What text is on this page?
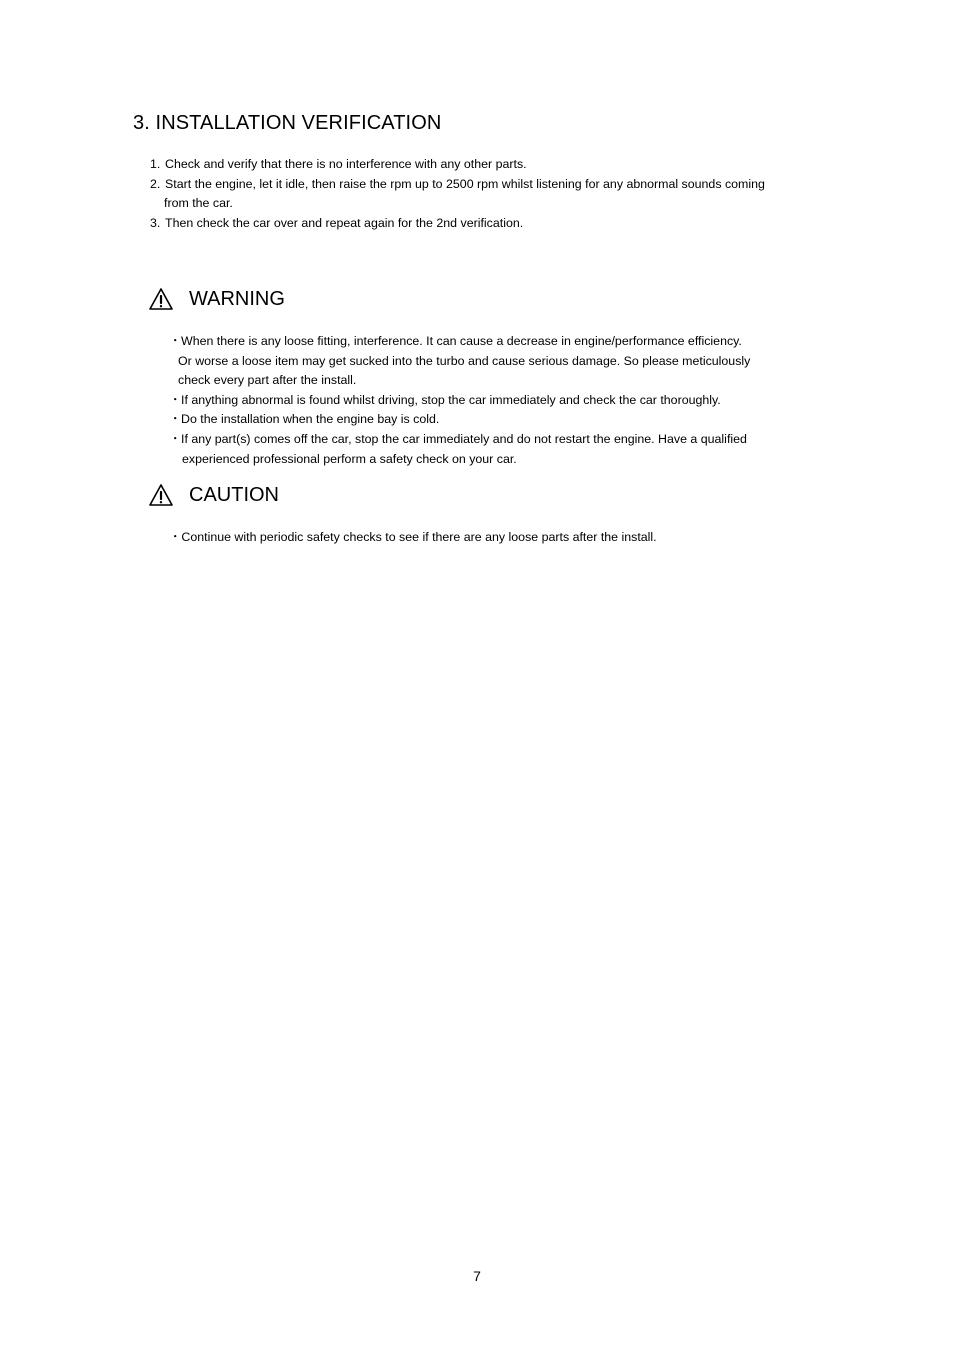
3. INSTALLATION VERIFICATION
1. Check and verify that there is no interference with any other parts.
2. Start the engine, let it idle, then raise the rpm up to 2500 rpm whilst listening for any abnormal sounds coming
from the car.
3. Then check the car over and repeat again for the 2nd verification.
WARNING
・When there is any loose fitting, interference. It can cause a decrease in engine/performance efficiency.
Or worse a loose item may get sucked into the turbo and cause serious damage. So please meticulously
check every part after the install.
・If anything abnormal is found whilst driving, stop the car immediately and check the car thoroughly.
・Do the installation when the engine bay is cold.
・If any part(s) comes off the car, stop the car immediately and do not restart the engine. Have a qualified
experienced professional perform a safety check on your car.
CAUTION
・Continue with periodic safety checks to see if there are any loose parts after the install.
7
